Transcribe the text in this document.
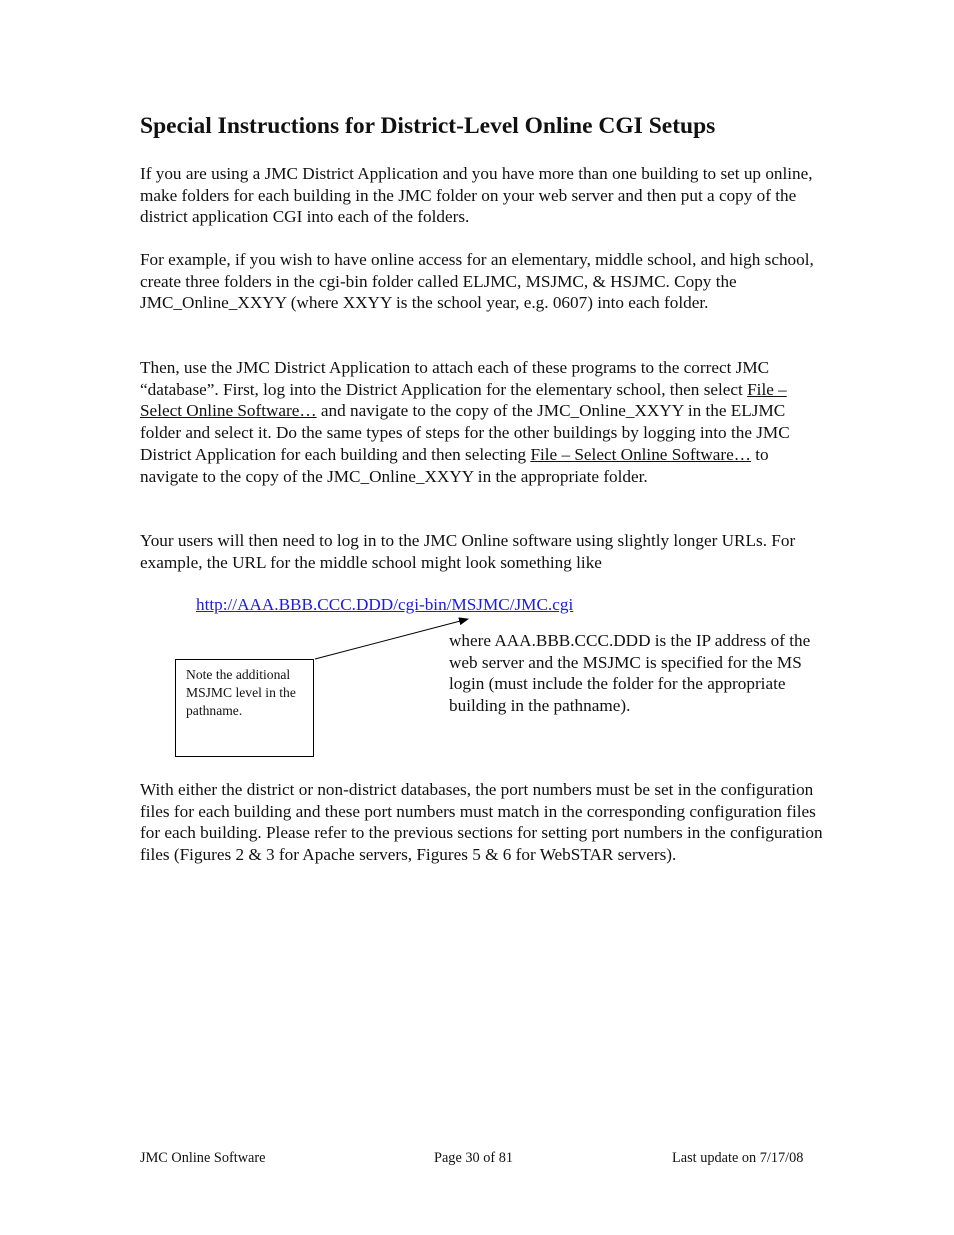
Special Instructions for District-Level Online CGI Setups

If you are using a JMC District Application and you have more than one building to set up online, make folders for each building in the JMC folder on your web server and then put a copy of the district application CGI into each of the folders.

For example, if you wish to have online access for an elementary, middle school, and high school, create three folders in the cgi-bin folder called ELJMC, MSJMC, & HSJMC. Copy the JMC_Online_XXYY (where XXYY is the school year, e.g. 0607) into each folder.

Then, use the JMC District Application to attach each of these programs to the correct JMC “database”. First, log into the District Application for the elementary school, then select File – Select Online Software… and navigate to the copy of the JMC_Online_XXYY in the ELJMC folder and select it. Do the same types of steps for the other buildings by logging into the JMC District Application for each building and then selecting File – Select Online Software… to navigate to the copy of the JMC_Online_XXYY in the appropriate folder.

Your users will then need to log in to the JMC Online software using slightly longer URLs. For example, the URL for the middle school might look something like

http://AAA.BBB.CCC.DDD/cgi-bin/MSJMC/JMC.cgi

where AAA.BBB.CCC.DDD is the IP address of the web server and the MSJMC is specified for the MS login (must include the folder for the appropriate building in the pathname).

Note the additional MSJMC level in the pathname.

With either the district or non-district databases, the port numbers must be set in the configuration files for each building and these port numbers must match in the corresponding configuration files for each building. Please refer to the previous sections for setting port numbers in the configuration files (Figures 2 & 3 for Apache servers, Figures 5 & 6 for WebSTAR servers).

JMC Online Software	Page 30 of 81	Last update on 7/17/08
